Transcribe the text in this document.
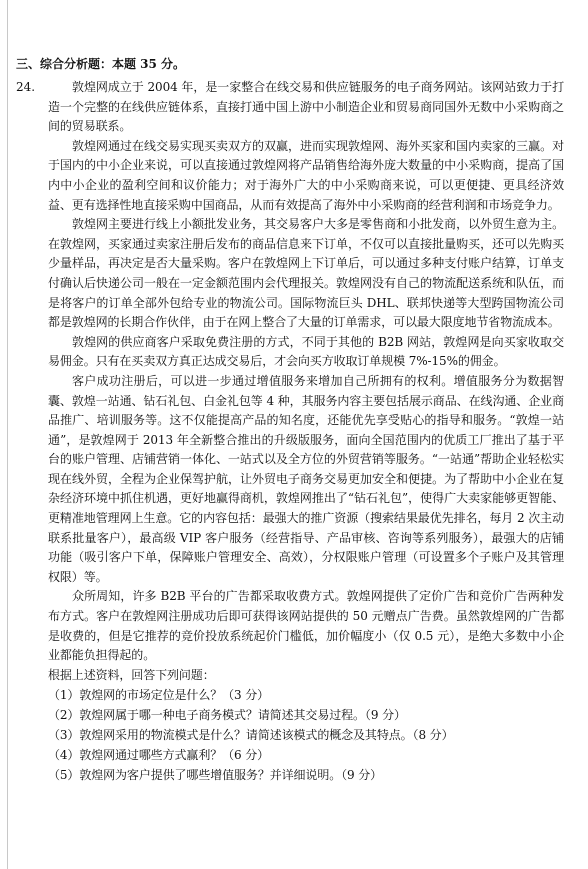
三、综合分析题：本题 35 分。
24.	敦煌网成立于 2004 年，是一家整合在线交易和供应链服务的电子商务网站。该网站致力于打造一个完整的在线供应链体系，直接打通中国上游中小制造企业和贸易商同国外无数中小采购商之间的贸易联系。

敦煌网通过在线交易实现买卖双方的双赢，进而实现敦煌网、海外买家和国内卖家的三赢。对于国内的中小企业来说，可以直接通过敦煌网将产品销售给海外庞大数量的中小采购商，提高了国内中小企业的盈利空间和议价能力；对于海外广大的中小采购商来说，可以更便捷、更具经济效益、更有选择性地直接采购中国商品，从而有效提高了海外中小采购商的经营利润和市场竞争力。

敦煌网主要进行线上小额批发业务，其交易客户大多是零售商和小批发商，以外贸生意为主。在敦煌网，买家通过卖家注册后发布的商品信息来下订单，不仅可以直接批量购买，还可以先购买少量样品，再决定是否大量采购。客户在敦煌网上下订单后，可以通过多种支付账户结算，订单支付确认后快递公司一般在一定金额范围内会代理报关。敦煌网没有自己的物流配送系统和队伍，而是将客户的订单全部外包给专业的物流公司。国际物流巨头 DHL、联邦快递等大型跨国物流公司都是敦煌网的长期合作伙伴，由于在网上整合了大量的订单需求，可以最大限度地节省物流成本。

敦煌网的供应商客户采取免费注册的方式，不同于其他的 B2B 网站，敦煌网是向买家收取交易佣金。只有在买卖双方真正达成交易后，才会向买方收取订单规模 7%-15%的佣金。

客户成功注册后，可以进一步通过增值服务来增加自己所拥有的权利。增值服务分为数据智囊、敦煌一站通、钻石礼包、白金礼包等 4 种，其服务内容主要包括展示商品、在线沟通、企业商品推广、培训服务等。这不仅能提高产品的知名度，还能优先享受贴心的指导和服务。“敦煌一站通”，是敦煌网于 2013 年全新整合推出的升级版服务，面向全国范围内的优质工厂推出了基于平台的账户管理、店铺营销一体化、一站式以及全方位的外贸营销等服务。“一站通”帮助企业轻松实现在线外贸，全程为企业保驾护航，让外贸电子商务交易更加安全和便捷。为了帮助中小企业在复杂经济环境中抓住机遇，更好地赢得商机，敦煌网推出了“钻石礼包”，使得广大卖家能够更智能、更精准地管理网上生意。它的内容包括：最强大的推广资源（搜索结果最优先排名，每月 2 次主动联系批量客户），最高级 VIP 客户服务（经营指导、产品审核、咨询等系列服务），最强大的店铺功能（吸引客户下单，保障账户管理安全、高效），分权限账户管理（可设置多个子账户及其管理权限）等。

众所周知，许多 B2B 平台的广告都采取收费方式。敦煌网提供了定价广告和竞价广告两种发布方式。客户在敦煌网注册成功后即可获得该网站提供的 50 元赠点广告费。虽然敦煌网的广告都是收费的，但是它推荐的竞价投放系统起价门槛低，加价幅度小（仅 0.5 元），是绝大多数中小企业都能负担得起的。

根据上述资料，回答下列问题：

（1）敦煌网的市场定位是什么？（3 分）

（2）敦煌网属于哪一种电子商务模式？请简述其交易过程。（9 分）

（3）敦煌网采用的物流模式是什么？请简述该模式的概念及其特点。（8 分）

（4）敦煌网通过哪些方式赢利？（6 分）

（5）敦煌网为客户提供了哪些增值服务？并详细说明。（9 分）
